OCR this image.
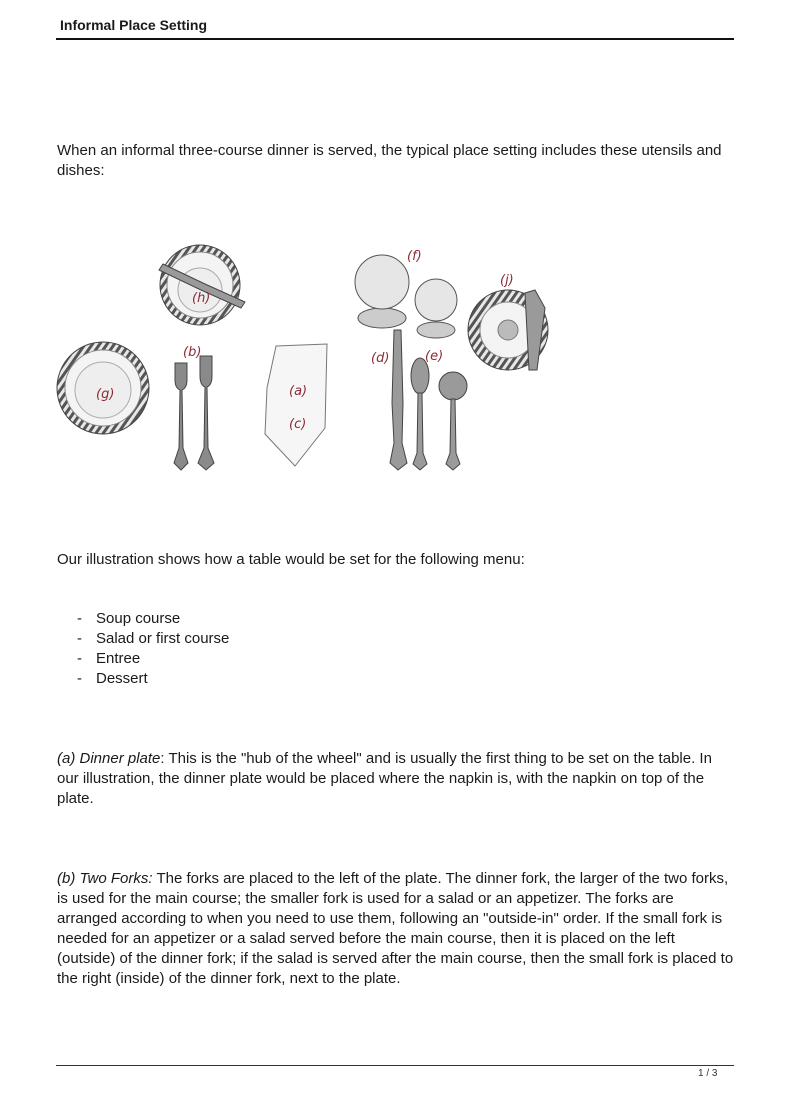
Informal Place Setting

When an informal three-course dinner is served, the typical place setting includes these utensils and dishes:

(g)
(h)
(b)
(a)
(c)
(f)
(d)	(e)
(j)

Our illustration shows how a table would be set for the following menu:

- Soup course
- Salad or first course
- Entree
- Dessert

(a) Dinner plate: This is the "hub of the wheel" and is usually the first thing to be set on the table. In our illustration, the dinner plate would be placed where the napkin is, with the napkin on top of the plate.

(b) Two Forks: The forks are placed to the left of the plate. The dinner fork, the larger of the two forks, is used for the main course; the smaller fork is used for a salad or an appetizer. The forks are arranged according to when you need to use them, following an "outside-in" order. If the small fork is needed for an appetizer or a salad served before the main course, then it is placed on the left (outside) of the dinner fork; if the salad is served after the main course, then the small fork is placed to the right (inside) of the dinner fork, next to the plate.

1 / 3
